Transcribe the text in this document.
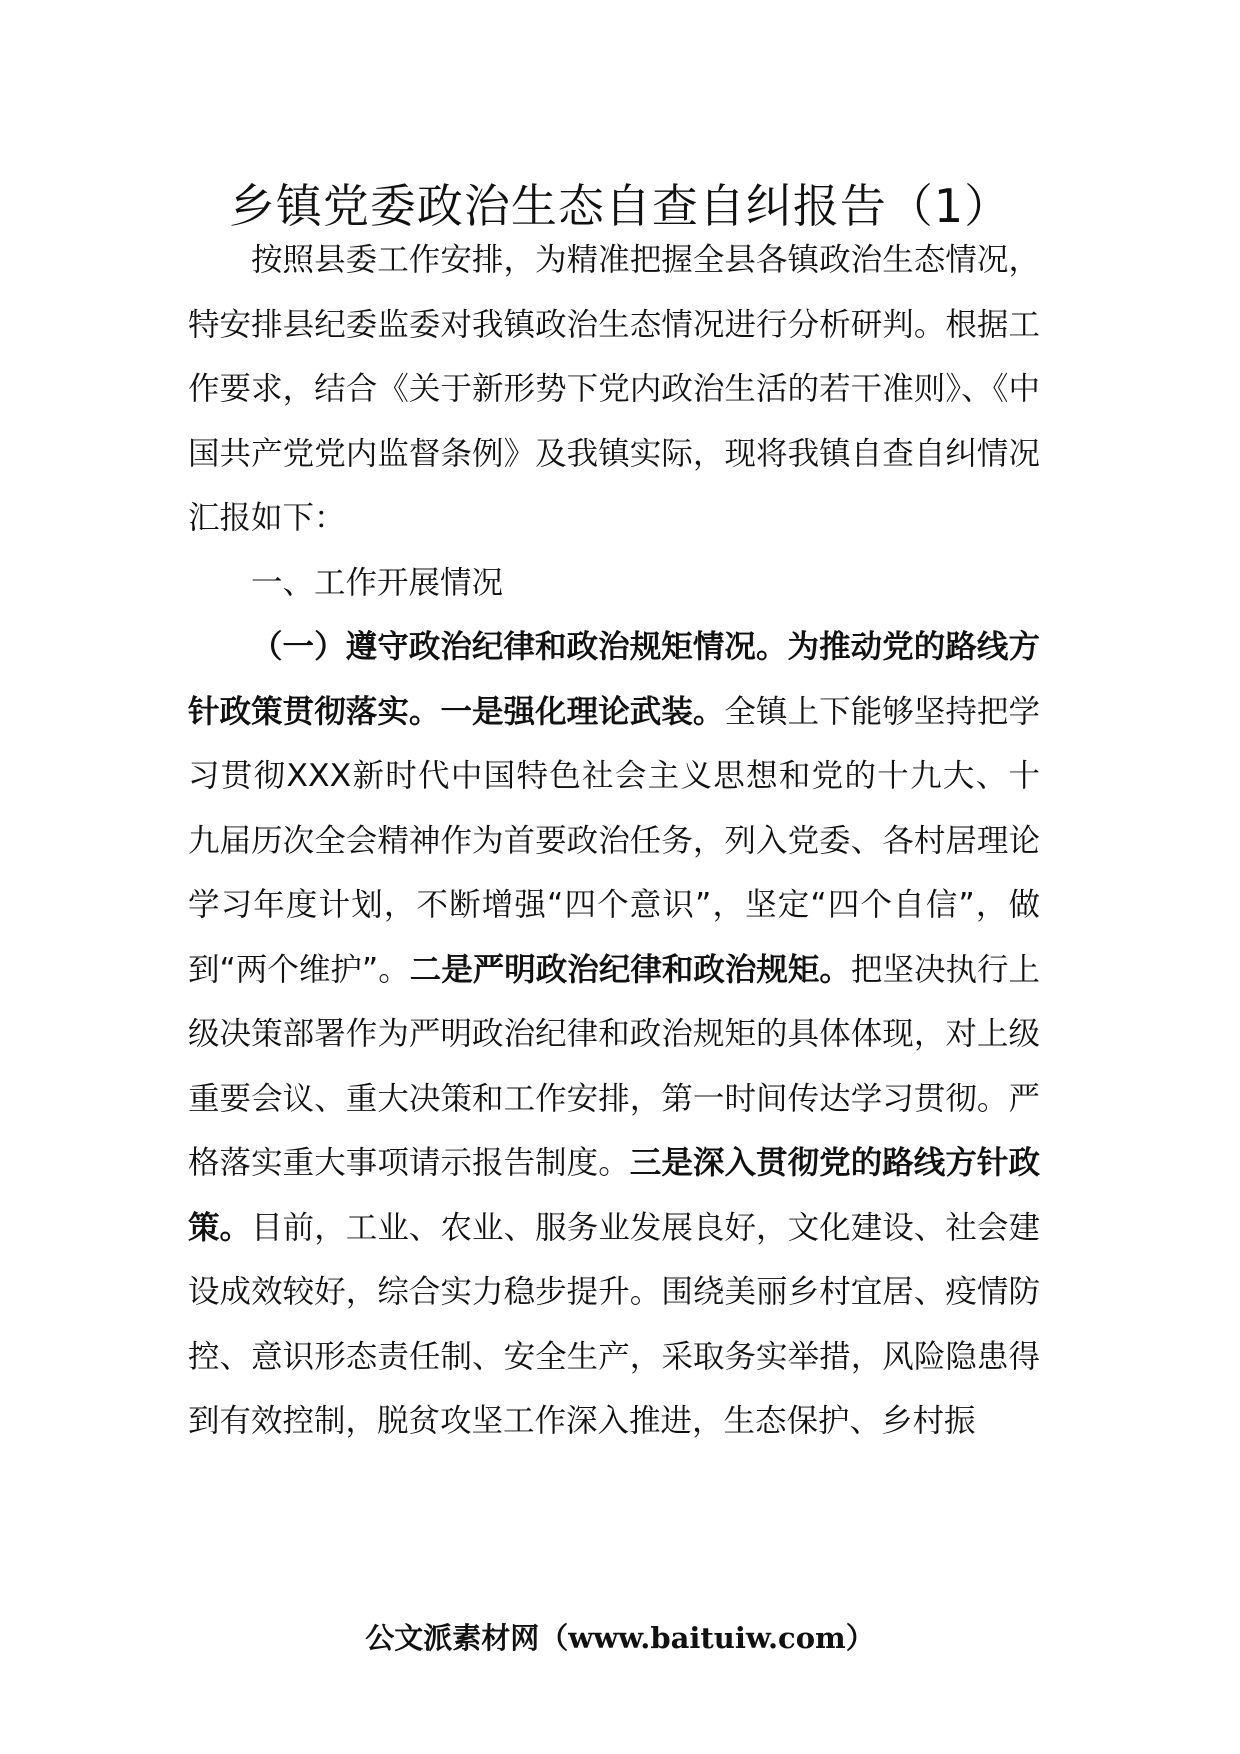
乡镇党委政治生态自查自纠报告（1）

按照县委工作安排，为精准把握全县各镇政治生态情况，特安排县纪委监委对我镇政治生态情况进行分析研判。根据工作要求，结合《关于新形势下党内政治生活的若干准则》、《中国共产党党内监督条例》及我镇实际，现将我镇自查自纠情况汇报如下：

一、工作开展情况

（一）遵守政治纪律和政治规矩情况。为推动党的路线方针政策贯彻落实。一是强化理论武装。全镇上下能够坚持把学习贯彻XXX新时代中国特色社会主义思想和党的十九大、十九届历次全会精神作为首要政治任务，列入党委、各村居理论学习年度计划，不断增强“四个意识”，坚定“四个自信”，做到“两个维护”。二是严明政治纪律和政治规矩。把坚决执行上级决策部署作为严明政治纪律和政治规矩的具体体现，对上级重要会议、重大决策和工作安排，第一时间传达学习贯彻。严格落实重大事项请示报告制度。三是深入贯彻党的路线方针政策。目前，工业、农业、服务业发展良好，文化建设、社会建设成效较好，综合实力稳步提升。围绕美丽乡村宜居、疫情防控、意识形态责任制、安全生产，采取务实举措，风险隐患得到有效控制，脱贫攻坚工作深入推进，生态保护、乡村振

公文派素材网（www.baituiw.com）
